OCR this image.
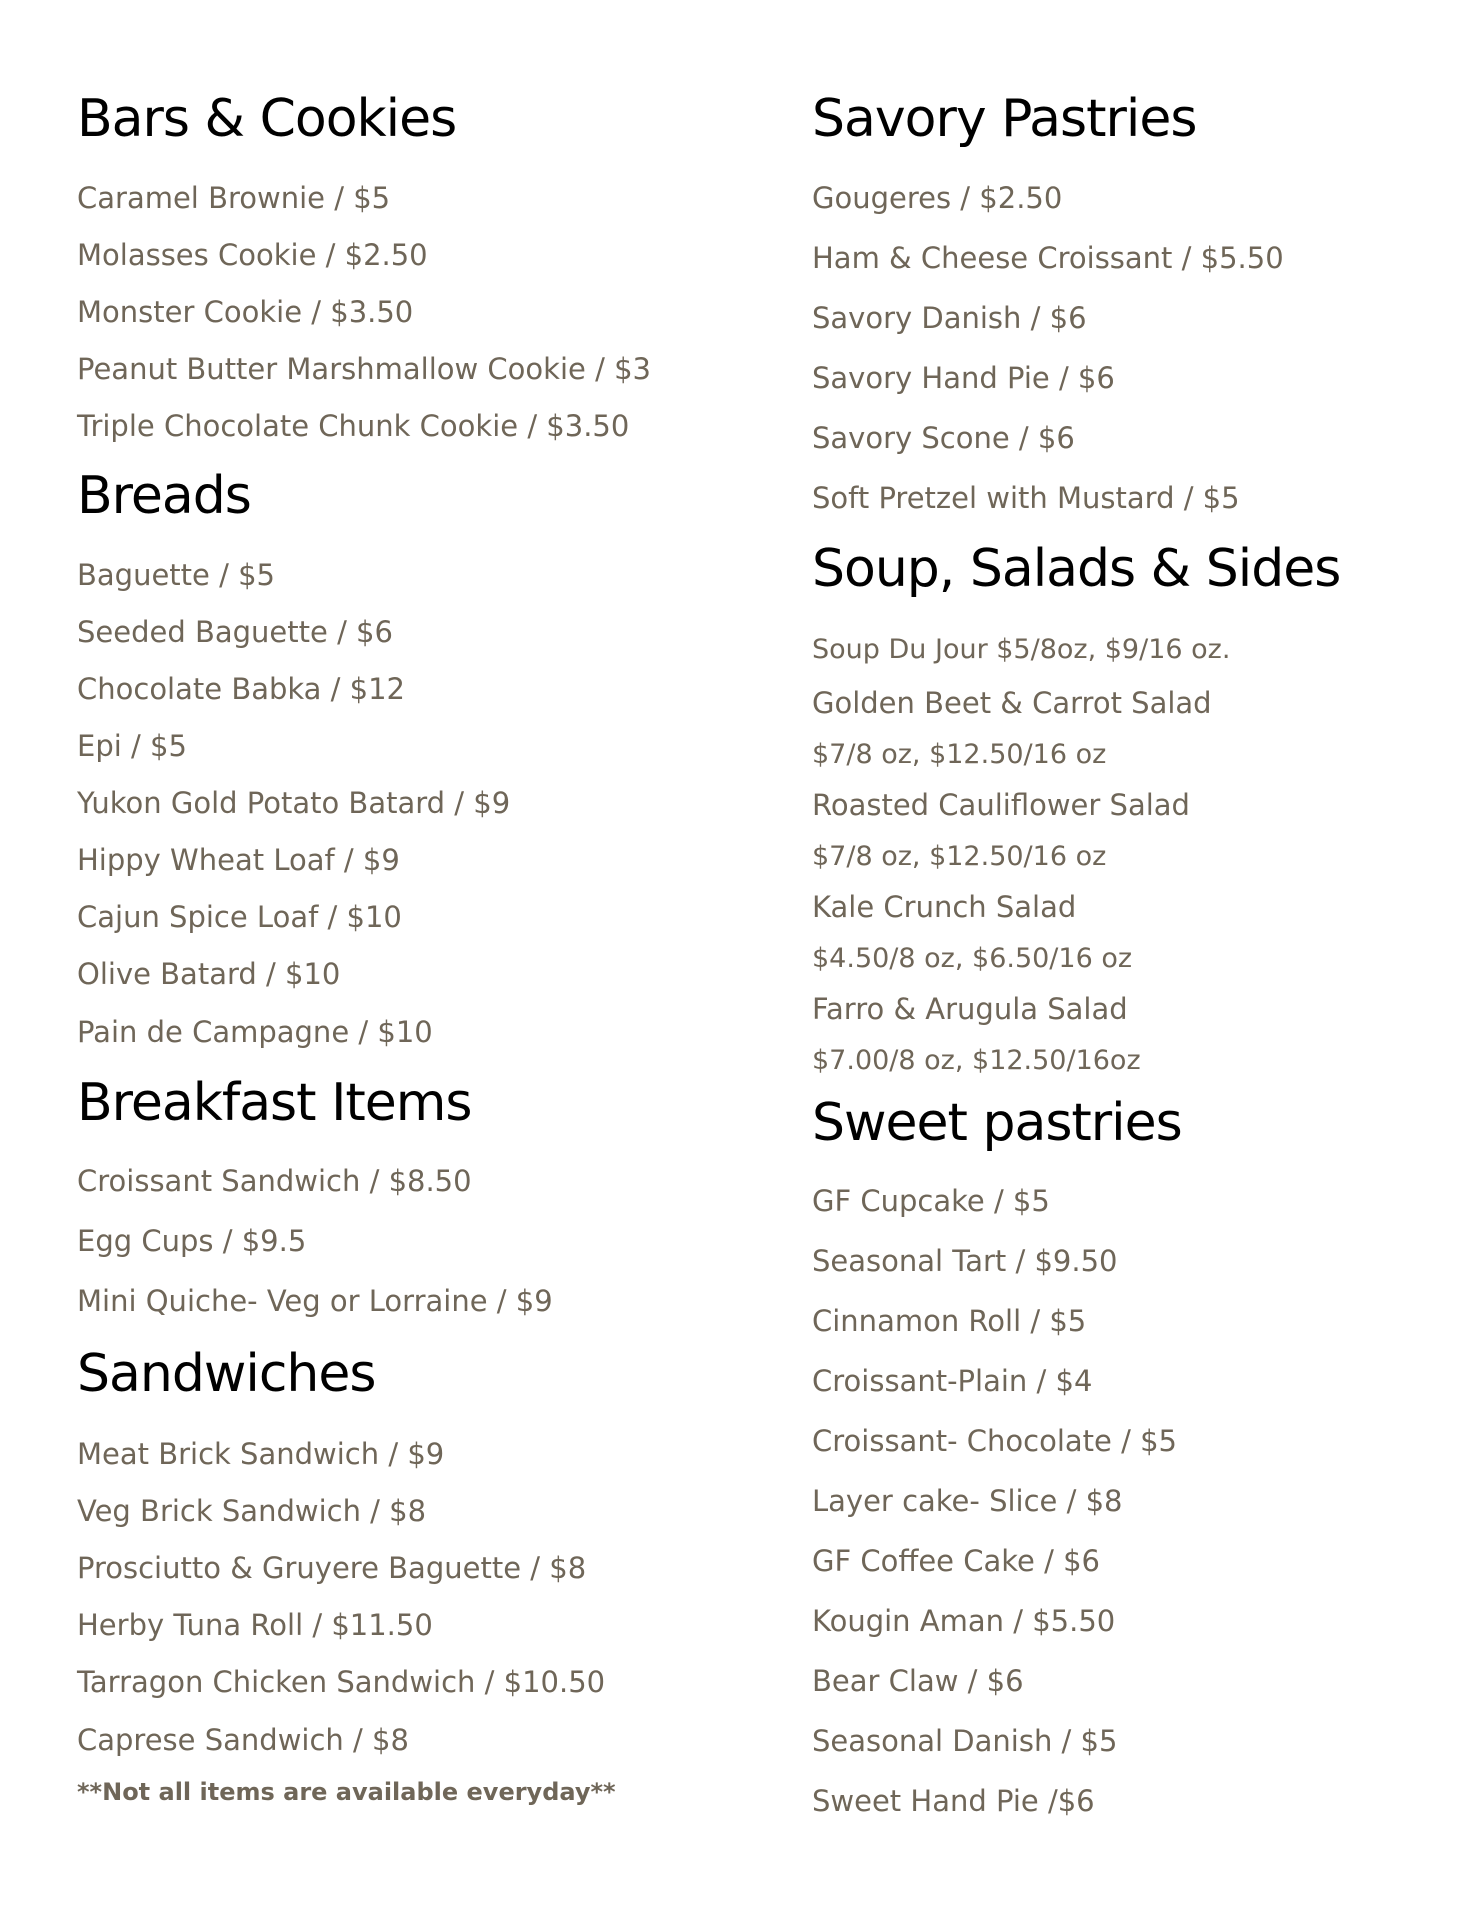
Bars & Cookies
Caramel Brownie / $5
Molasses Cookie / $2.50
Monster Cookie / $3.50
Peanut Butter Marshmallow Cookie / $3
Triple Chocolate Chunk Cookie / $3.50
Breads
Baguette / $5
Seeded Baguette / $6
Chocolate Babka / $12
Epi / $5
Yukon Gold Potato Batard / $9
Hippy Wheat Loaf / $9
Cajun Spice Loaf / $10
Olive Batard / $10
Pain de Campagne / $10
Breakfast Items
Croissant Sandwich / $8.50
Egg Cups / $9.5
Mini Quiche- Veg or Lorraine / $9
Sandwiches
Meat Brick Sandwich / $9
Veg Brick Sandwich / $8
Prosciutto & Gruyere Baguette / $8
Herby Tuna Roll / $11.50
Tarragon Chicken Sandwich / $10.50
Caprese Sandwich / $8
**Not all items are available everyday**
Savory Pastries
Gougeres / $2.50
Ham & Cheese Croissant / $5.50
Savory Danish / $6
Savory Hand Pie / $6
Savory Scone / $6
Soft Pretzel with Mustard / $5
Soup, Salads & Sides
Soup Du Jour $5/8oz, $9/16 oz.
Golden Beet & Carrot Salad
$7/8 oz, $12.50/16 oz
Roasted Cauliflower Salad
$7/8 oz, $12.50/16 oz
Kale Crunch Salad
$4.50/8 oz, $6.50/16 oz
Farro & Arugula Salad
$7.00/8 oz, $12.50/16oz
Sweet pastries
GF Cupcake / $5
Seasonal Tart / $9.50
Cinnamon Roll / $5
Croissant-Plain / $4
Croissant- Chocolate / $5
Layer cake- Slice / $8
GF Coffee Cake / $6
Kougin Aman / $5.50
Bear Claw / $6
Seasonal Danish / $5
Sweet Hand Pie /$6
